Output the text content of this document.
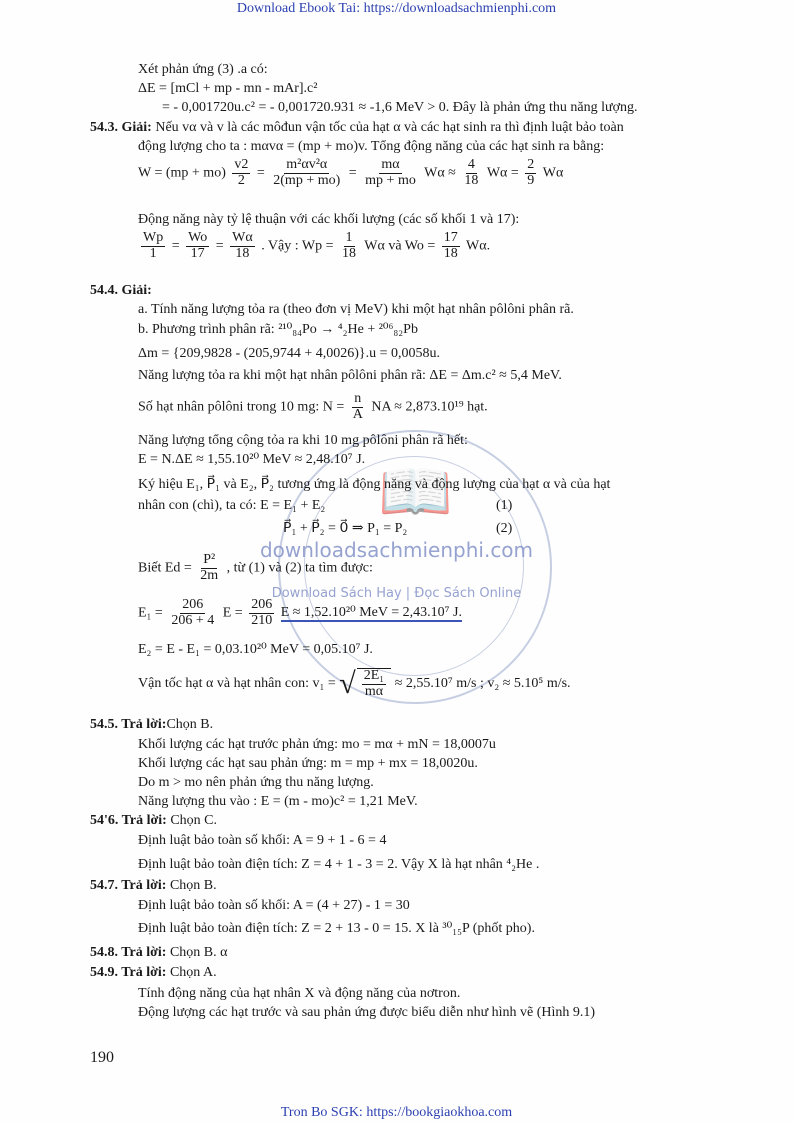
Download Ebook Tai: https://downloadsachmienphi.com
Tron Bo SGK: https://bookgiaokhoa.com
📖
downloadsachmienphi.com
Download Sách Hay | Đọc Sách Online
Xét phản ứng (3) .a có:
ΔE = [mCl + mp - mn - mAr].c²
= - 0,001720u.c² = - 0,001720.931 ≈ -1,6 MeV > 0. Đây là phản ứng thu năng lượng.
54.3. Giải: Nếu vα và v là các môđun vận tốc của hạt α và các hạt sinh ra thì định luật bảo toàn
động lượng cho ta : mαvα = (mp + mo)v. Tổng động năng của các hạt sinh ra bằng:
$W = (mp + mo) \frac{v2}{2} = \frac{\text{m²αv²α}}{2(mp + mo)} = \frac{m\alpha}{mp + mo}$ $W\alpha \approx \frac{4}{18}$ $W\alpha = \frac{2}{9}$ Wα
Động năng này tỷ lệ thuận với các khối lượng (các số khối 1 và 17):
$\frac{Wp}{1} = \frac{Wo}{17} = \frac{W\alpha}{18}$ . Vậy : $Wp = \frac{1}{18}$ Wα và $Wo = \frac{17}{18} W\alpha$.
54.4. Giải:
a. Tính năng lượng tỏa ra (theo đơn vị MeV) khi một hạt nhân pôlôni phân rã.
b. Phương trình phân rã: ²¹⁰₈₄Po → ⁴₂He + ²⁰⁶₈₂Pb
Δm = {209,9828 - (205,9744 + 4,0026)}.u = 0,0058u.
Năng lượng tỏa ra khi một hạt nhân pôlôni phân rã: ΔE = Δm.c² ≈ 5,4 MeV.
Số hạt nhân pôlôni trong 10 mg: $N = \frac{n}{A}$ NA ≈ 2,873.10¹⁹ hạt.
Năng lượng tổng cộng tỏa ra khi 10 mg pôlôni phân rã hết:
E = N.ΔE ≈ 1,55.10²⁰ MeV ≈ 2,48.10⁷ J.
Ký hiệu E₁, P⃗₁ và E₂, P⃗₂ tương ứng là động năng và động lượng của hạt α và của hạt
nhân con (chì), ta có: E = E₁ + E₂	(1)
P⃗₁ + P⃗₂ = 0⃗ ⇒ P₁ = P₂	(2)
Biết $Ed = \frac{\text{P²}}{2m}$ , từ (1) và (2) ta tìm được:
$E_1 = \frac{206}{206 + 4}$ $E = \frac{206}{210}$ E ≈ 1,52.10²⁰ MeV = 2,43.10⁷ J.
E₂ = E - E₁ = 0,03.10²⁰ MeV = 0,05.10⁷ J.
Vận tốc hạt α và hạt nhân con: v₁ = √ $\frac{\text{2E₁}}{m\alpha} \approx 2,55.10^7$ m/s ; v₂ ≈ 5.10⁵ m/s.
54.5. Trả lời:Chọn B.
Khối lượng các hạt trước phản ứng: mo = mα + mN = 18,0007u
Khối lượng các hạt sau phản ứng: m = mp + mx = 18,0020u.
Do m > mo nên phản ứng thu năng lượng.
Năng lượng thu vào : E = (m - mo)c² = 1,21 MeV.
54'6. Trả lời: Chọn C.
Định luật bảo toàn số khối: A = 9 + 1 - 6 = 4
Định luật bảo toàn điện tích: Z = 4 + 1 - 3 = 2. Vậy X là hạt nhân ⁴₂He .
54.7. Trả lời: Chọn B.
Định luật bảo toàn số khối: A = (4 + 27) - 1 = 30
Định luật bảo toàn điện tích: Z = 2 + 13 - 0 = 15. X là ³⁰₁₅P (phốt pho).
54.8. Trả lời: Chọn B. α
54.9. Trả lời: Chọn A.
Tính động năng của hạt nhân X và động năng của nơtron.
Động lượng các hạt trước và sau phản ứng được biểu diễn như hình vẽ (Hình 9.1)
190
